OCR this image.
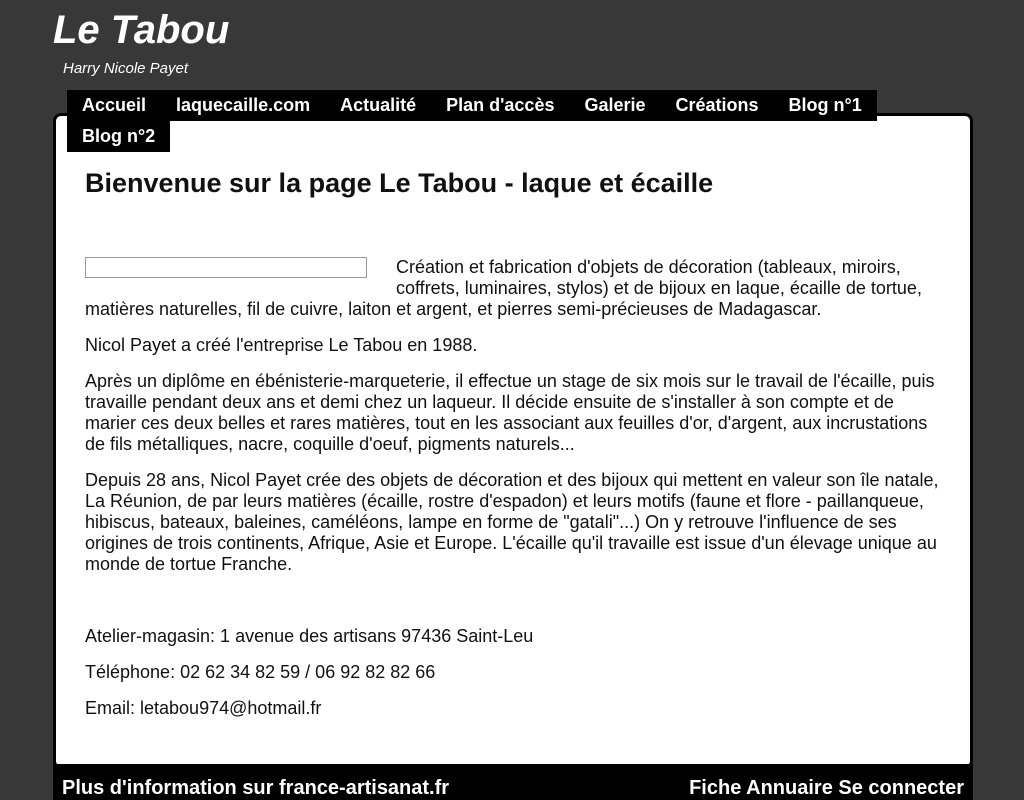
Le Tabou
Harry Nicole Payet
Accueil	laquecaille.com	Actualité	Plan d'accès	Galerie	Créations	Blog n°1
Blog n°2
Bienvenue sur la page Le Tabou - laque et écaille

Création et fabrication d'objets de décoration (tableaux, miroirs, coffrets, luminaires, stylos) et de bijoux en laque, écaille de tortue, matières naturelles, fil de cuivre, laiton et argent, et pierres semi-précieuses de Madagascar.

Nicol Payet a créé l'entreprise Le Tabou en 1988.

Après un diplôme en ébénisterie-marqueterie, il effectue un stage de six mois sur le travail de l'écaille, puis travaille pendant deux ans et demi chez un laqueur. Il décide ensuite de s'installer à son compte et de marier ces deux belles et rares matières, tout en les associant aux feuilles d'or, d'argent, aux incrustations de fils métalliques, nacre, coquille d'oeuf, pigments naturels...

Depuis 28 ans, Nicol Payet crée des objets de décoration et des bijoux qui mettent en valeur son île natale, La Réunion, de par leurs matières (écaille, rostre d'espadon) et leurs motifs (faune et flore - paillanqueue, hibiscus, bateaux, baleines, caméléons, lampe en forme de "gatali"...) On y retrouve l'influence de ses origines de trois continents, Afrique, Asie et Europe. L'écaille qu'il travaille est issue d'un élevage unique au monde de tortue Franche.

Atelier-magasin: 1 avenue des artisans 97436 Saint-Leu

Téléphone: 02 62 34 82 59 / 06 92 82 82 66

Email: letabou974@hotmail.fr

Plus d'information sur france-artisanat.fr	Fiche Annuaire Se connecter
